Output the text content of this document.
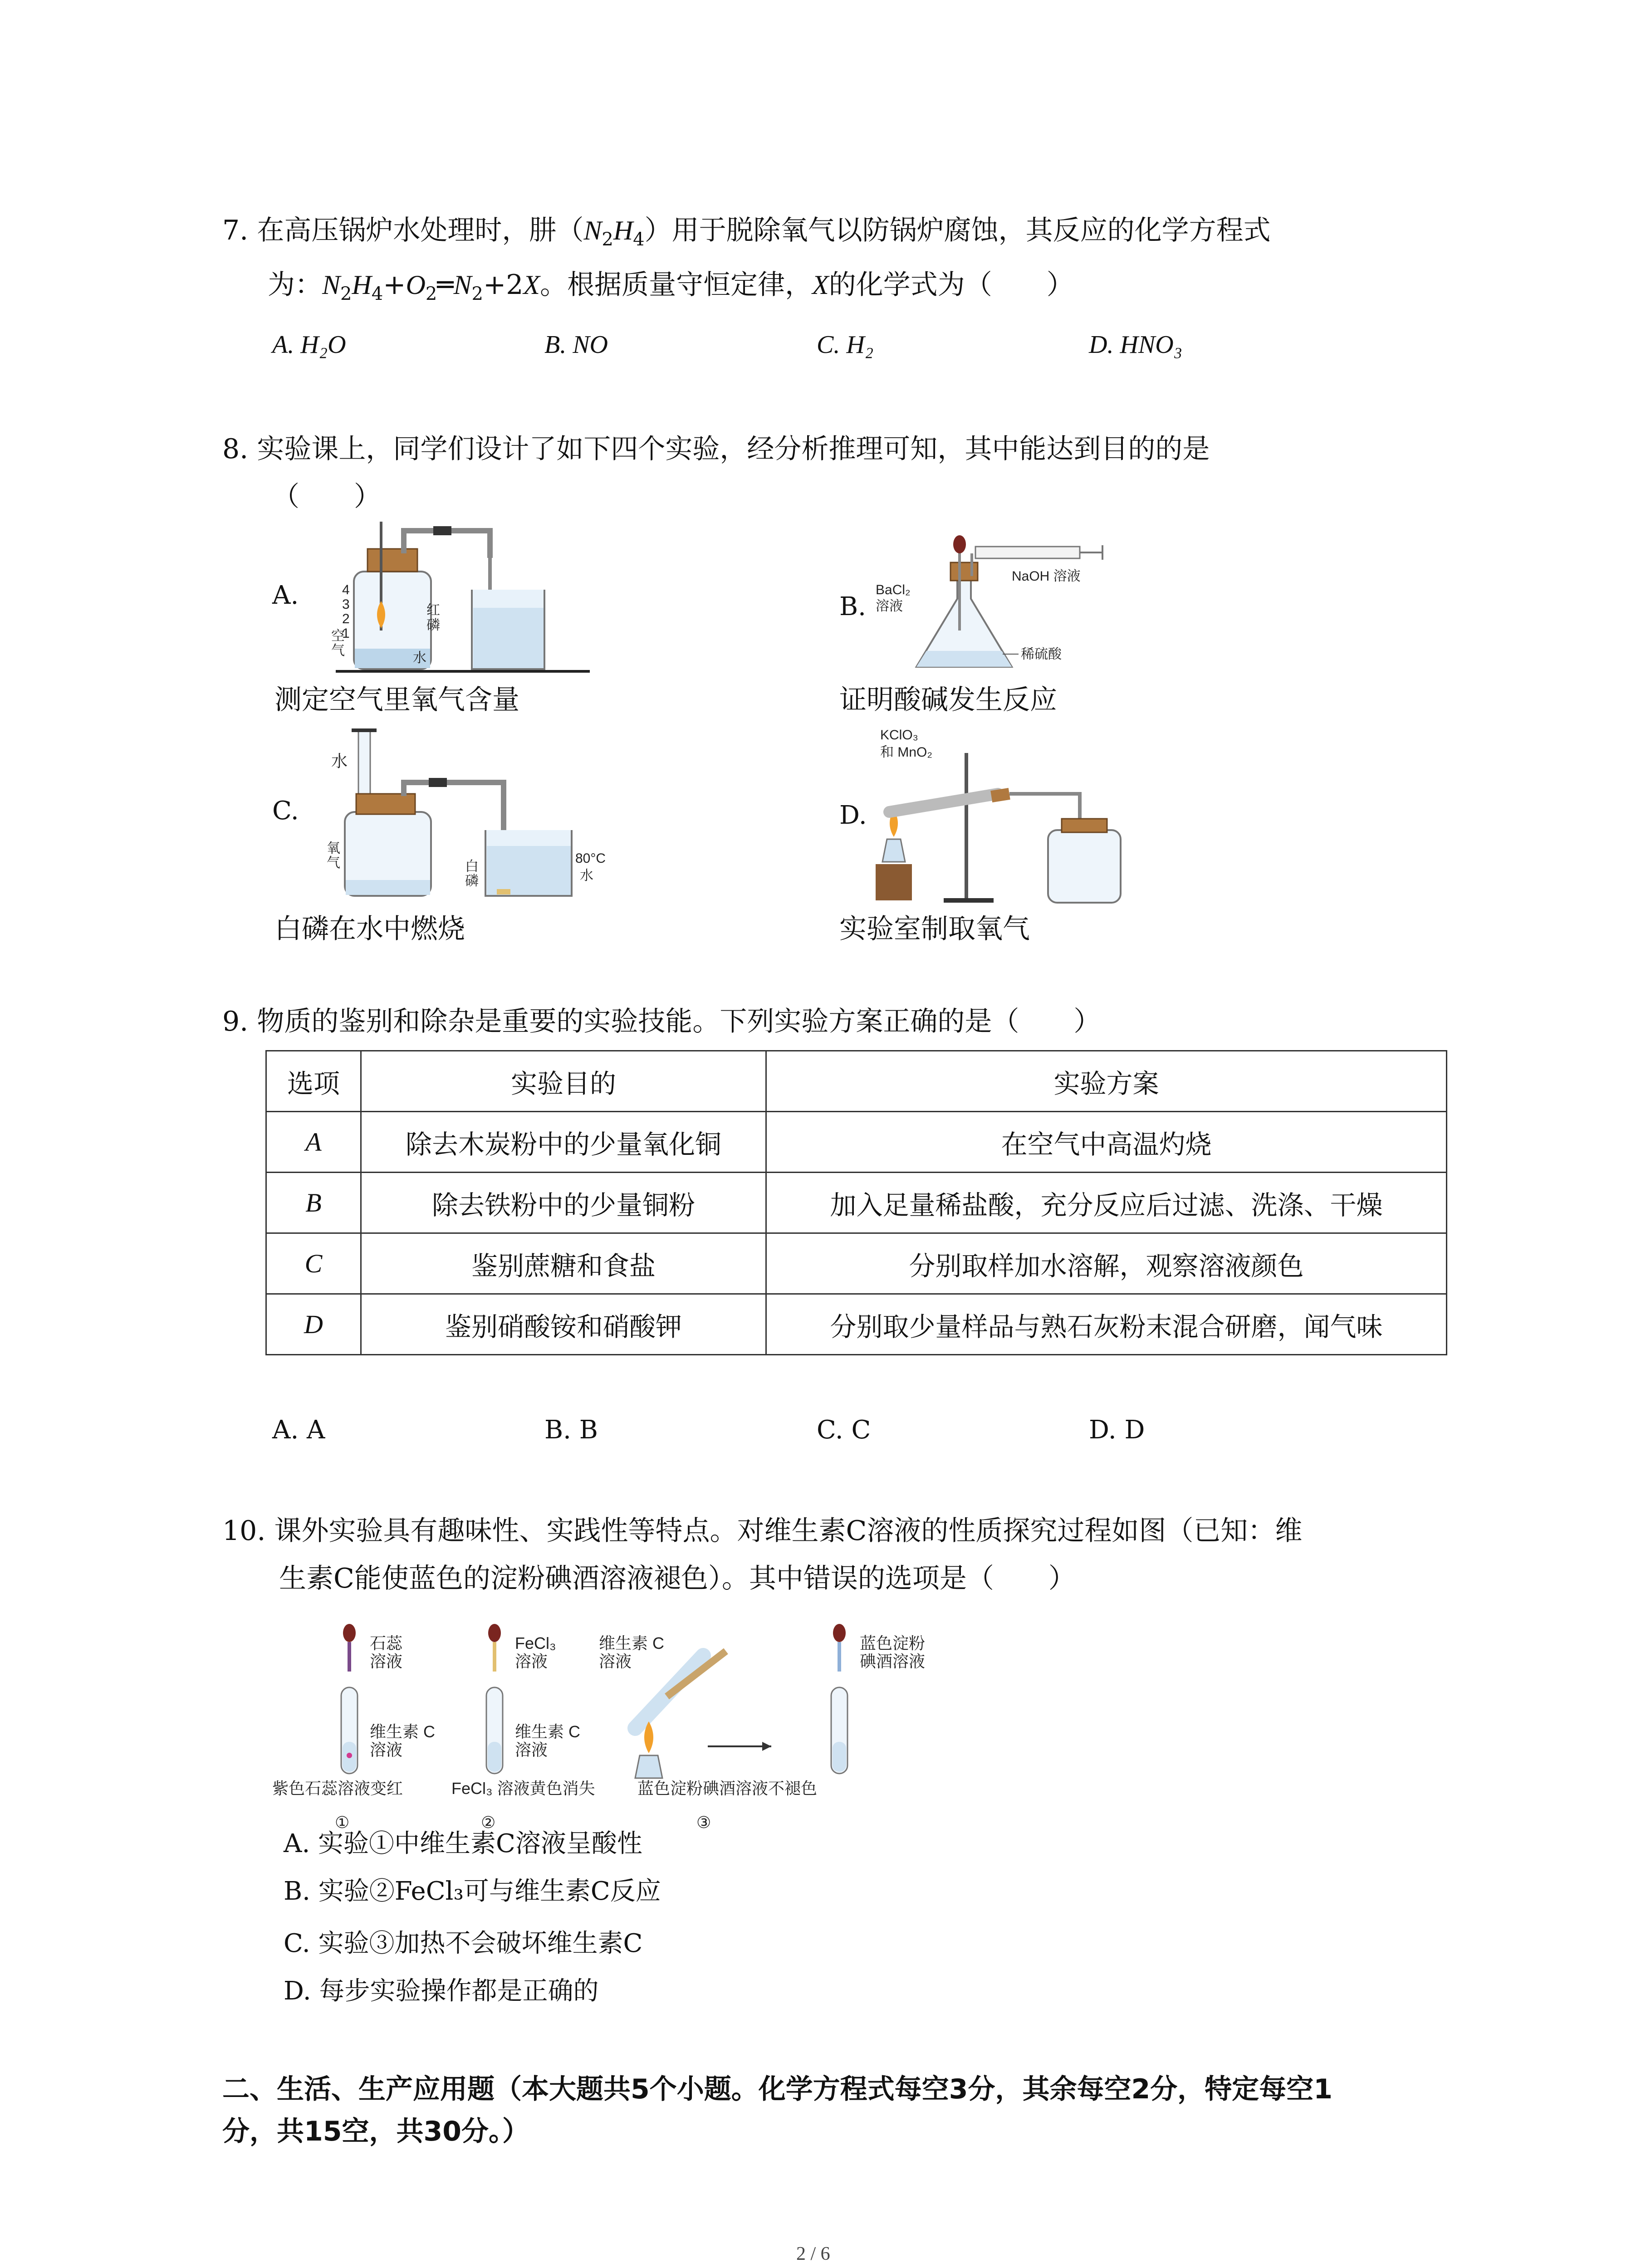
7. 在高压锅炉水处理时，肼$(N_2H_4)$用于脱除氧气以防锅炉腐蚀，其反应的化学方程式
为：$N_2H_4+O_2═N_2+2X$。根据质量守恒定律，X的化学式为（　　）
A. H₂O	B. NO	C. H₂	D. HNO₃
8. 实验课上，同学们设计了如下四个实验，经分析推理可知，其中能达到目的的是
（　　）
A.	4
3
2
1
红
磷
空
气	水
测定空气里氧气含量
B.
BaCl₂
溶液
NaOH 溶液
稀硫酸
证明酸碱发生反应
C.
水
氧
气	白
磷
80°C
水
白磷在水中燃烧
D.
KClO₃
和 MnO₂
实验室制取氧气
9. 物质的鉴别和除杂是重要的实验技能。下列实验方案正确的是（　　）
选项	实验目的	实验方案
A	除去木炭粉中的少量氧化铜	在空气中高温灼烧
B	除去铁粉中的少量铜粉	加入足量稀盐酸，充分反应后过滤、洗涤、干燥
C	鉴别蔗糖和食盐	分别取样加水溶解，观察溶液颜色
D	鉴别硝酸铵和硝酸钾	分别取少量样品与熟石灰粉末混合研磨，闻气味
A. A	B. B	C. C	D. D
10. 课外实验具有趣味性、实践性等特点。对维生素C溶液的性质探究过程如图（已知：维
生素C能使蓝色的淀粉碘酒溶液褪色）。其中错误的选项是（　　）
石蕊
溶液
维生素 C
溶液
FeCl₃
溶液
维生素 C
溶液
维生素 C
溶液
蓝色淀粉
碘酒溶液
紫色石蕊溶液变红	FeCl₃ 溶液黄色消失	蓝色淀粉碘酒溶液不褪色
①	②	③
A. 实验①中维生素C溶液呈酸性
B. 实验②FeCl₃可与维生素C反应
C. 实验③加热不会破坏维生素C
D. 每步实验操作都是正确的
二、生活、生产应用题（本大题共5个小题。化学方程式每空3分，其余每空2分，特定每空1
分，共15空，共30分。）
2 / 6
